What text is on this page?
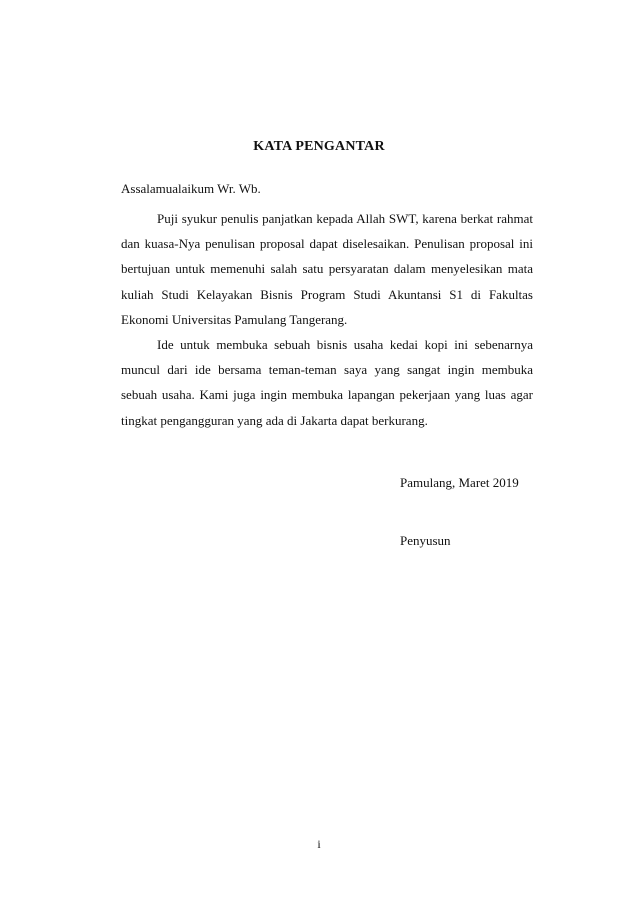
KATA PENGANTAR
Assalamualaikum Wr. Wb.

Puji syukur penulis panjatkan kepada Allah SWT, karena berkat rahmat dan kuasa-Nya penulisan proposal dapat diselesaikan. Penulisan proposal ini bertujuan untuk memenuhi salah satu persyaratan dalam menyelesikan mata kuliah Studi Kelayakan Bisnis Program Studi Akuntansi S1 di Fakultas Ekonomi Universitas Pamulang Tangerang.

Ide untuk membuka sebuah bisnis usaha kedai kopi ini sebenarnya muncul dari ide bersama teman-teman saya yang sangat ingin membuka sebuah usaha. Kami juga ingin membuka lapangan pekerjaan yang luas agar tingkat pengangguran yang ada di Jakarta dapat berkurang.

Pamulang, Maret 2019
Penyusun
i
